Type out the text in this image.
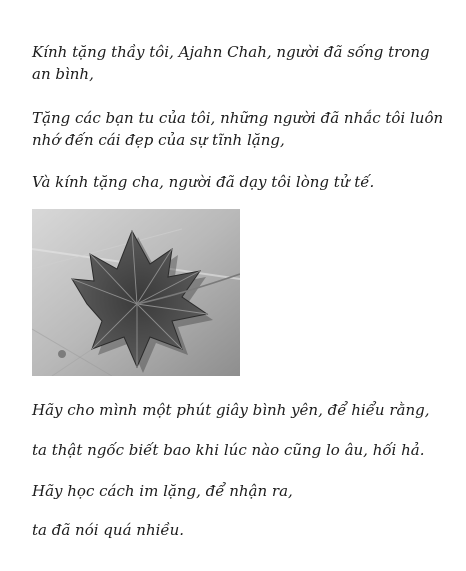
Kính tặng thầy tôi, Ajahn Chah, người đã sống trong an bình,

Tặng các bạn tu của tôi, những người đã nhắc tôi luôn nhớ đến cái đẹp của sự tĩnh lặng,

Và kính tặng cha, người đã dạy tôi lòng tử tế.

Hãy cho mình một phút giây bình yên, để hiểu rằng,

ta thật ngốc biết bao khi lúc nào cũng lo âu, hối hả.

Hãy học cách im lặng, để nhận ra,

ta đã nói quá nhiều.
